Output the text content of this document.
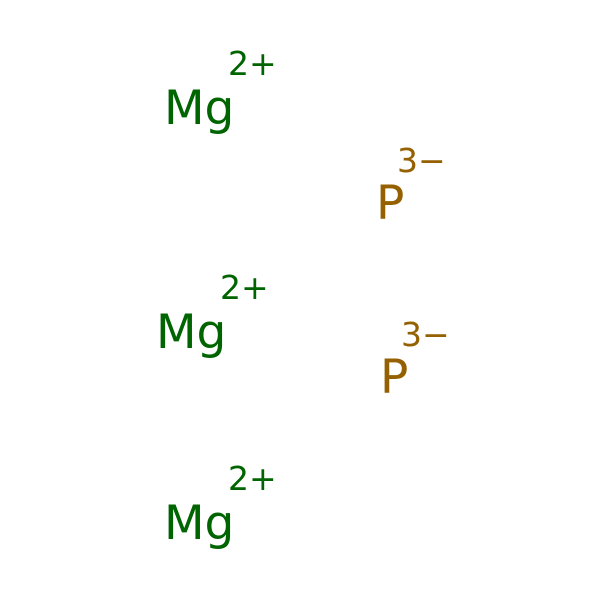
Mg
2+
P
3−
Mg
2+
P
3−
Mg
2+
